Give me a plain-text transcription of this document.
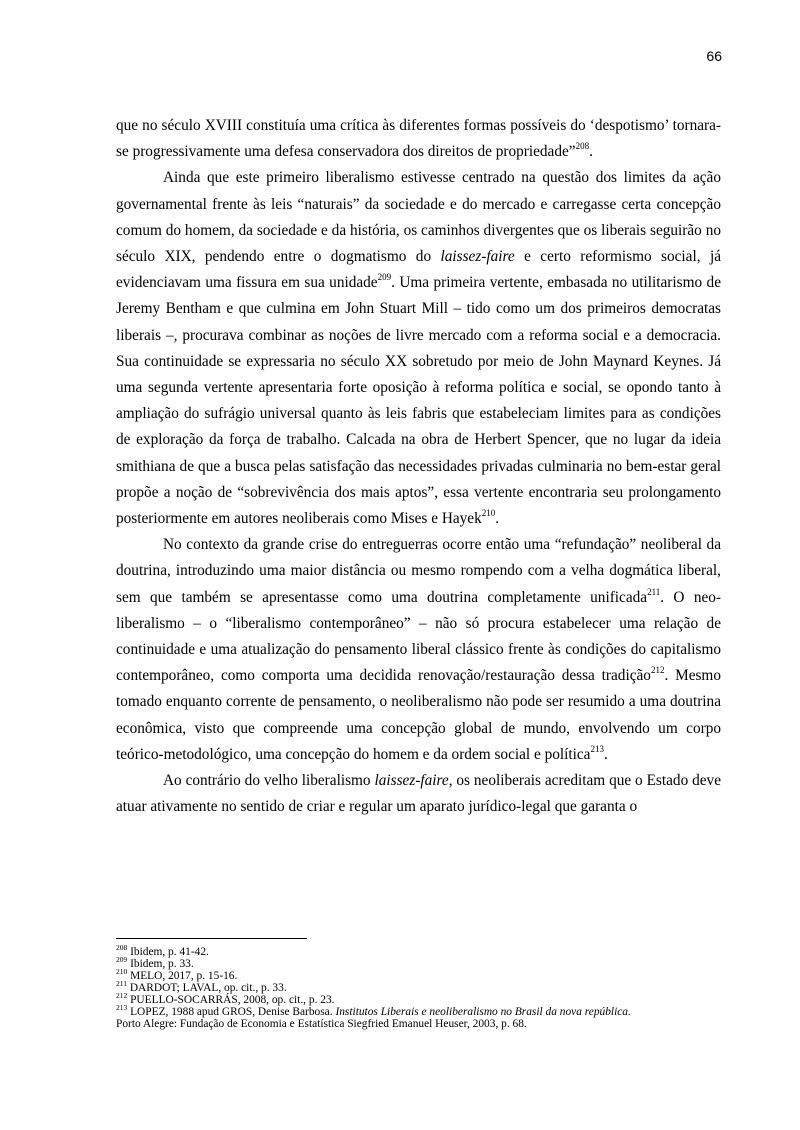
66

que no século XVIII constituía uma crítica às diferentes formas possíveis do ‘despotismo’ tornara-se progressivamente uma defesa conservadora dos direitos de propriedade”$^{208}$.

Ainda que este primeiro liberalismo estivesse centrado na questão dos limites da ação governamental frente às leis “naturais” da sociedade e do mercado e carregasse certa concepção comum do homem, da sociedade e da história, os caminhos divergentes que os liberais seguirão no século XIX, pendendo entre o dogmatismo do laissez-faire e certo reformismo social, já evidenciavam uma fissura em sua unidade$^{209}$. Uma primeira vertente, embasada no utilitarismo de Jeremy Bentham e que culmina em John Stuart Mill – tido como um dos primeiros democratas liberais –, procurava combinar as noções de livre mercado com a reforma social e a democracia. Sua continuidade se expressaria no século XX sobretudo por meio de John Maynard Keynes. Já uma segunda vertente apresentaria forte oposição à reforma política e social, se opondo tanto à ampliação do sufrágio universal quanto às leis fabris que estabeleciam limites para as condições de exploração da força de trabalho. Calcada na obra de Herbert Spencer, que no lugar da ideia smithiana de que a busca pelas satisfação das necessidades privadas culminaria no bem-estar geral propõe a noção de “sobrevivência dos mais aptos”, essa vertente encontraria seu prolongamento posteriormente em autores neoliberais como Mises e Hayek$^{210}$.

No contexto da grande crise do entreguerras ocorre então uma “refundação” neoliberal da doutrina, introduzindo uma maior distância ou mesmo rompendo com a velha dogmática liberal, sem que também se apresentasse como uma doutrina completamente unificada$^{211}$. O neo-liberalismo – o “liberalismo contemporâneo” – não só procura estabelecer uma relação de continuidade e uma atualização do pensamento liberal clássico frente às condições do capitalismo contemporâneo, como comporta uma decidida renovação/restauração dessa tradição$^{212}$. Mesmo tomado enquanto corrente de pensamento, o neoliberalismo não pode ser resumido a uma doutrina econômica, visto que compreende uma concepção global de mundo, envolvendo um corpo teórico-metodológico, uma concepção do homem e da ordem social e política$^{213}$.

Ao contrário do velho liberalismo laissez-faire, os neoliberais acreditam que o Estado deve atuar ativamente no sentido de criar e regular um aparato jurídico-legal que garanta o

$^{208}$ Ibidem, p. 41-42.
$^{209}$ Ibidem, p. 33.
$^{210}$ MELO, 2017, p. 15-16.
$^{211}$ DARDOT; LAVAL, op. cit., p. 33.
$^{212}$ PUELLO-SOCARRÁS, 2008, op. cit., p. 23.
$^{213}$ LOPEZ, 1988 apud GROS, Denise Barbosa. Institutos Liberais e neoliberalismo no Brasil da nova república.
Porto Alegre: Fundação de Economia e Estatística Siegfried Emanuel Heuser, 2003, p. 68.
